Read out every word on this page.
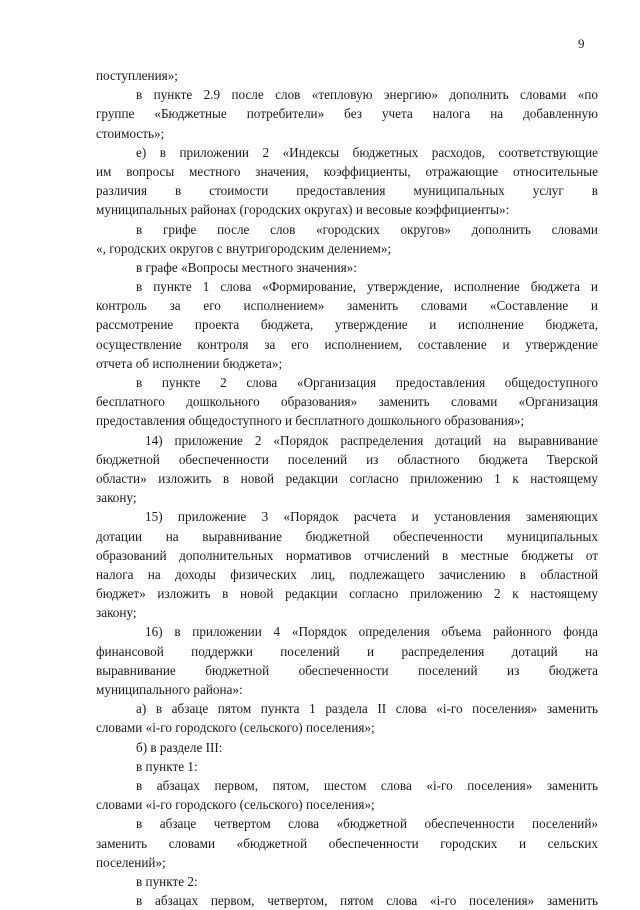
9
поступления»;
в пункте 2.9 после слов «тепловую энергию» дополнить словами «по
группе «Бюджетные потребители» без учета налога на добавленную
стоимость»;
е) в приложении 2 «Индексы бюджетных расходов, соответствующие
им вопросы местного значения, коэффициенты, отражающие относительные
различия в стоимости предоставления муниципальных услуг в
муниципальных районах (городских округах) и весовые коэффициенты»:
в грифе после слов «городских округов» дополнить словами
«, городских округов с внутригородским делением»;
в графе «Вопросы местного значения»:
в пункте 1 слова «Формирование, утверждение, исполнение бюджета и
контроль за его исполнением» заменить словами «Составление и
рассмотрение проекта бюджета, утверждение и исполнение бюджета,
осуществление контроля за его исполнением, составление и утверждение
отчета об исполнении бюджета»;
в пункте 2 слова «Организация предоставления общедоступного
бесплатного дошкольного образования» заменить словами «Организация
предоставления общедоступного и бесплатного дошкольного образования»;
14) приложение 2 «Порядок распределения дотаций на выравнивание
бюджетной обеспеченности поселений из областного бюджета Тверской
области» изложить в новой редакции согласно приложению 1 к настоящему
закону;
15) приложение 3 «Порядок расчета и установления заменяющих
дотации на выравнивание бюджетной обеспеченности муниципальных
образований дополнительных нормативов отчислений в местные бюджеты от
налога на доходы физических лиц, подлежащего зачислению в областной
бюджет» изложить в новой редакции согласно приложению 2 к настоящему
закону;
16) в приложении 4 «Порядок определения объема районного фонда
финансовой поддержки поселений и распределения дотаций на
выравнивание бюджетной обеспеченности поселений из бюджета
муниципального района»:
а) в абзаце пятом пункта 1 раздела II слова «i-го поселения» заменить
словами «i-го городского (сельского) поселения»;
б) в разделе III:
в пункте 1:
в абзацах первом, пятом, шестом слова «i-го поселения» заменить
словами «i-го городского (сельского) поселения»;
в абзаце четвертом слова «бюджетной обеспеченности поселений»
заменить словами «бюджетной обеспеченности городских и сельских
поселений»;
в пункте 2:
в абзацах первом, четвертом, пятом слова «i-го поселения» заменить
